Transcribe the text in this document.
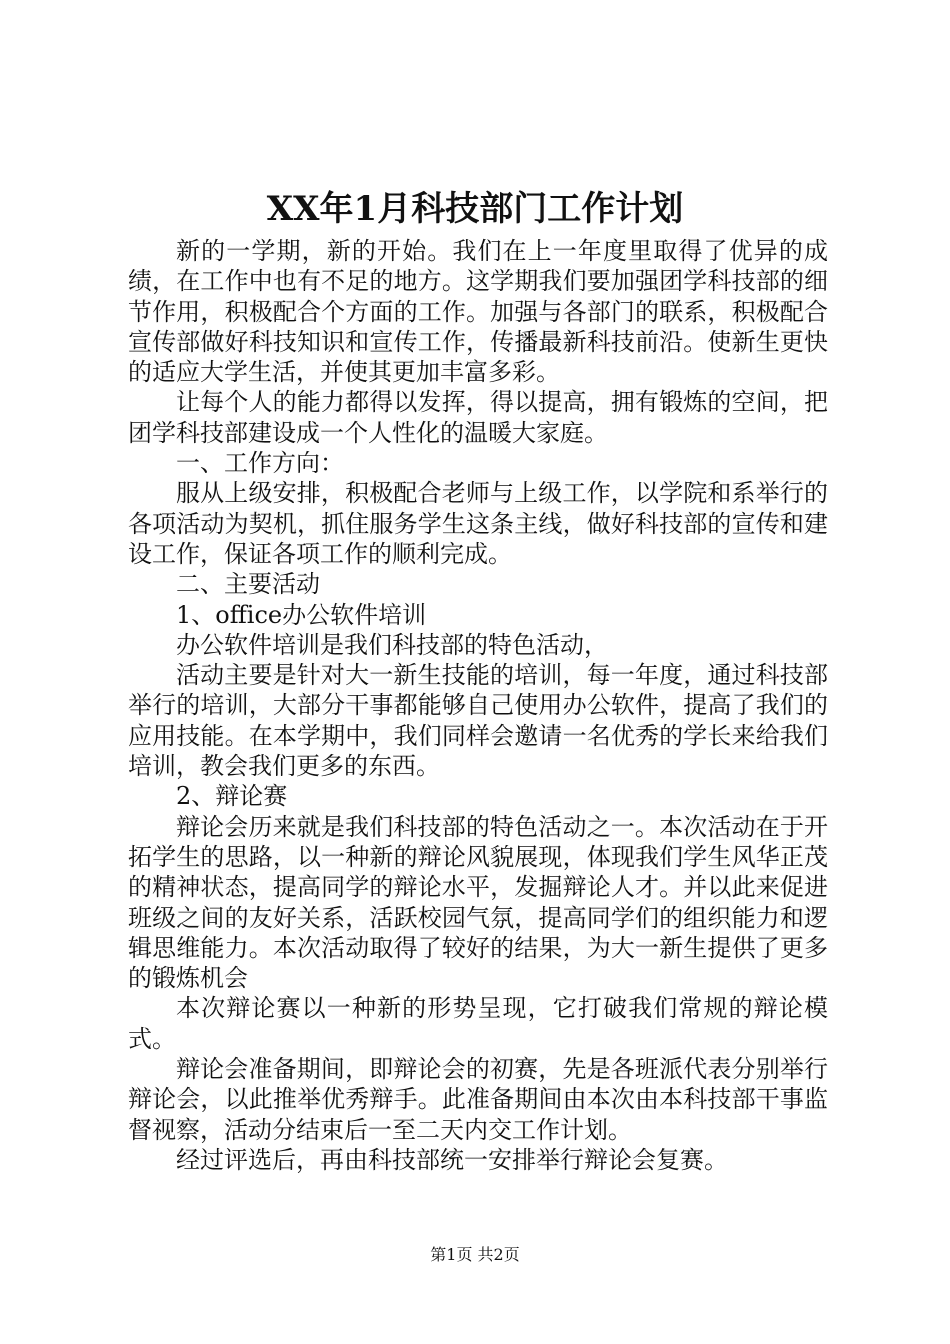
XX年1月科技部门工作计划

新的一学期，新的开始。我们在上一年度里取得了优异的成绩，在工作中也有不足的地方。这学期我们要加强团学科技部的细节作用，积极配合个方面的工作。加强与各部门的联系，积极配合宣传部做好科技知识和宣传工作，传播最新科技前沿。使新生更快的适应大学生活，并使其更加丰富多彩。

让每个人的能力都得以发挥，得以提高，拥有锻炼的空间，把团学科技部建设成一个人性化的温暖大家庭。

一、工作方向：

服从上级安排，积极配合老师与上级工作，以学院和系举行的各项活动为契机，抓住服务学生这条主线，做好科技部的宣传和建设工作，保证各项工作的顺利完成。

二、主要活动

1、office办公软件培训

办公软件培训是我们科技部的特色活动，

活动主要是针对大一新生技能的培训，每一年度，通过科技部举行的培训，大部分干事都能够自己使用办公软件，提高了我们的应用技能。在本学期中，我们同样会邀请一名优秀的学长来给我们培训，教会我们更多的东西。

2、辩论赛

辩论会历来就是我们科技部的特色活动之一。本次活动在于开拓学生的思路，以一种新的辩论风貌展现，体现我们学生风华正茂的精神状态，提高同学的辩论水平，发掘辩论人才。并以此来促进班级之间的友好关系，活跃校园气氛，提高同学们的组织能力和逻辑思维能力。本次活动取得了较好的结果，为大一新生提供了更多的锻炼机会

本次辩论赛以一种新的形势呈现，它打破我们常规的辩论模式。

辩论会准备期间，即辩论会的初赛，先是各班派代表分别举行辩论会，以此推举优秀辩手。此准备期间由本次由本科技部干事监督视察，活动分结束后一至二天内交工作计划。

经过评选后，再由科技部统一安排举行辩论会复赛。

第1页 共2页
